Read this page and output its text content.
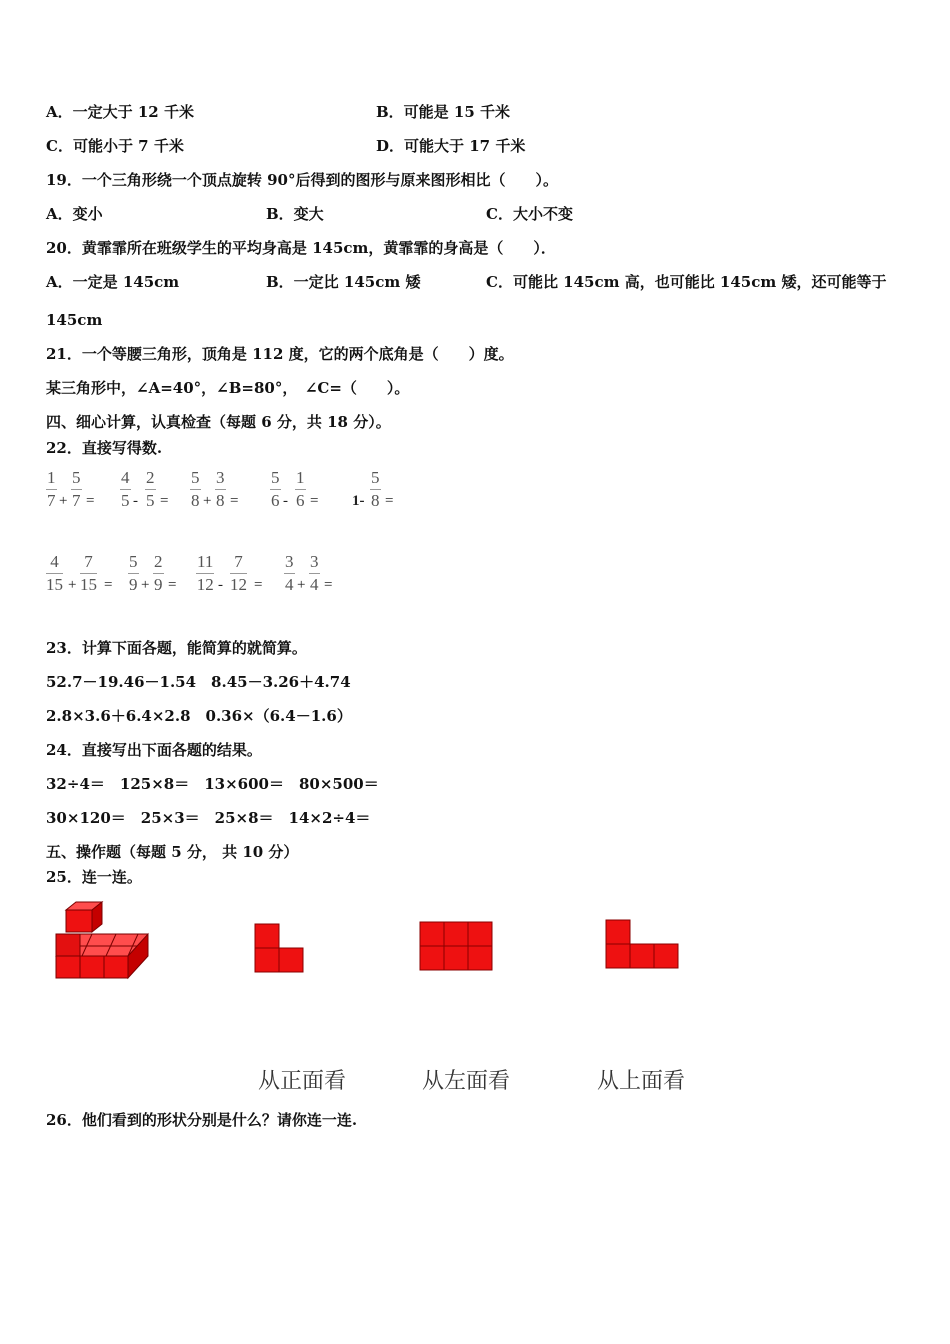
A．一定大于 12 千米	B．可能是 15 千米
C．可能小于 7 千米	D．可能大于 17 千米
19．一个三角形绕一个顶点旋转 90°后得到的图形与原来图形相比（　　）。
A．变小	B．变大	C．大小不变
20．黄霏霏所在班级学生的平均身高是 145cm，黄霏霏的身高是（　　）．
A．一定是 145cm	B．一定比 145cm 矮	C．可能比 145cm 高，也可能比 145cm 矮，还可能等于
145cm
21．一个等腰三角形，顶角是 112 度，它的两个底角是（　　）度。
某三角形中，∠A=40°，∠B=80°，　∠C=（　　）。
四、细心计算，认真检查（每题 6 分，共 18 分）。
22．直接写得数.
$\frac{1}{7} + \frac{5}{7} = \frac{4}{5} - \frac{2}{5} = \frac{5}{8} + \frac{3}{8} = \frac{5}{6} - \frac{1}{6} = 1- \frac{5}{8}$ =
$\frac{4}{15} + \frac{7}{15} = \frac{5}{9} + \frac{2}{9} = \frac{11}{12} - \frac{7}{12} = \frac{3}{4} + \frac{3}{4}$ =
23．计算下面各题，能简算的就简算。
52.7－19.46－1.54　8.45－3.26＋4.74
2.8×3.6＋6.4×2.8　0.36×（6.4－1.6）
24．直接写出下面各题的结果。
32÷4＝　125×8＝　13×600＝　80×500＝
30×120＝　25×3＝　25×8＝　14×2÷4＝
五、操作题（每题 5 分， 共 10 分）
25．连一连。
从正面看	从左面看	从上面看
26．他们看到的形状分别是什么？请你连一连.
